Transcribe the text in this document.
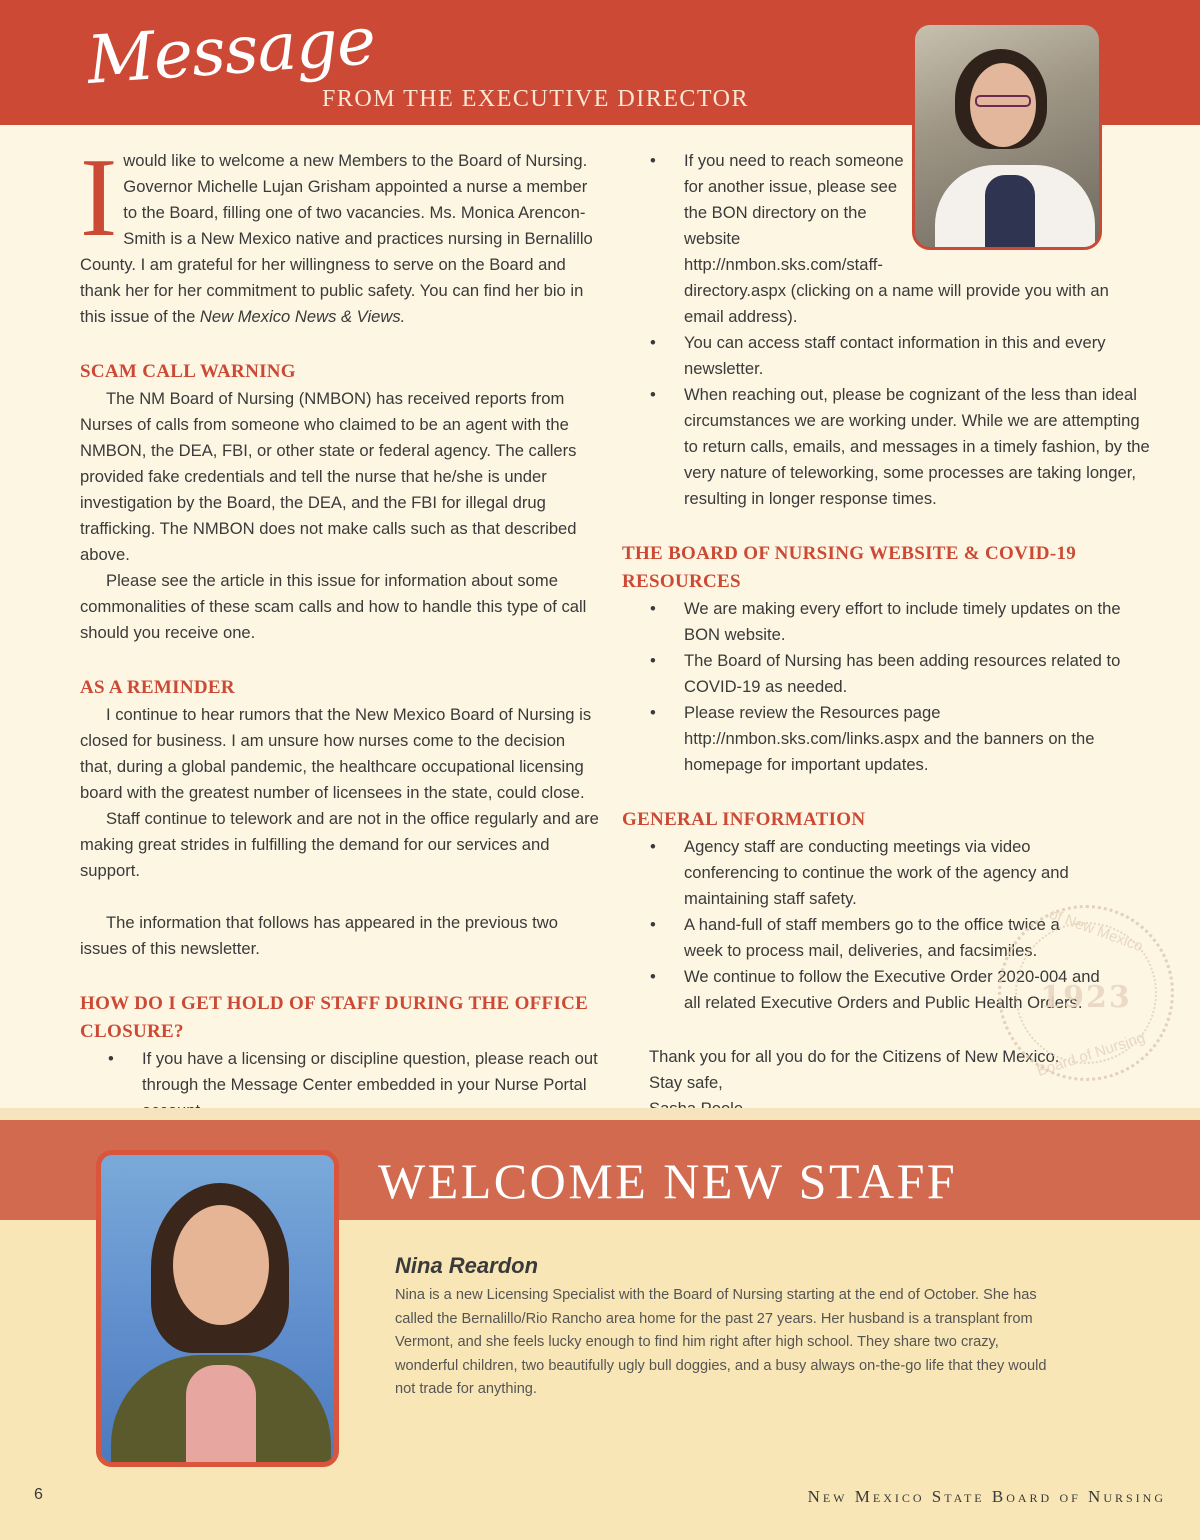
Message
FROM THE EXECUTIVE DIRECTOR

I would like to welcome a new Members to the Board of Nursing. Governor Michelle Lujan Grisham appointed a nurse a member to the Board, filling one of two vacancies. Ms. Monica Arencon-Smith is a New Mexico native and practices nursing in Bernalillo County. I am grateful for her willingness to serve on the Board and thank her for her commitment to public safety. You can find her bio in this issue of the New Mexico News & Views.

SCAM CALL WARNING

The NM Board of Nursing (NMBON) has received reports from Nurses of calls from someone who claimed to be an agent with the NMBON, the DEA, FBI, or other state or federal agency. The callers provided fake credentials and tell the nurse that he/she is under investigation by the Board, the DEA, and the FBI for illegal drug trafficking. The NMBON does not make calls such as that described above.

Please see the article in this issue for information about some commonalities of these scam calls and how to handle this type of call should you receive one.

AS A REMINDER

I continue to hear rumors that the New Mexico Board of Nursing is closed for business. I am unsure how nurses come to the decision that, during a global pandemic, the healthcare occupational licensing board with the greatest number of licensees in the state, could close.

Staff continue to telework and are not in the office regularly and are making great strides in fulfilling the demand for our services and support.

The information that follows has appeared in the previous two issues of this newsletter.

HOW DO I GET HOLD OF STAFF DURING THE OFFICE CLOSURE?
• If you have a licensing or discipline question, please reach out through the Message Center embedded in your Nurse Portal
• If you need to reach someone for another issue, please see the BON directory on the website http://nmbon.sks.com/staff-
directory.aspx (clicking on a name will provide you with an email address).
• You can access staff contact information in this and every newsletter.
• When reaching out, please be cognizant of the less than ideal circumstances we are working under. While we are attempting to return calls, emails, and messages in a timely fashion, by the very nature of teleworking, some processes are taking longer, resulting in longer response times.
THE BOARD OF NURSING WEBSITE & COVID-19 RESOURCES
• We are making every effort to include timely updates on the BON website.
• The Board of Nursing has been adding resources related to COVID-19 as needed.
• Please review the Resources page http://nmbon.sks.com/links.aspx and the banners on the homepage for important updates.
GENERAL INFORMATION
• Agency staff are conducting meetings via video conferencing to continue the work of the agency and maintaining staff safety.
• A hand-full of staff members go to the office twice a week to process mail, deliveries, and facsimiles.
• We continue to follow the Executive Order 2020-004 and all related Executive Orders and Public Health Orders.

Thank you for all you do for the Citizens of New Mexico.

Stay safe,

of New Mexico
1923
Board of Nursing
WELCOME NEW STAFF
Nina Reardon
Nina is a new Licensing Specialist with the Board of Nursing starting at the end of October. She has called the Bernalillo/Rio Rancho area home for the past 27 years. Her husband is a transplant from Vermont, and she feels lucky enough to find him right after high school. They share two crazy, wonderful children, two beautifully ugly bull doggies, and a busy always on-the-go life that they would not trade for anything.
6	New Mexico State Board of Nursing
